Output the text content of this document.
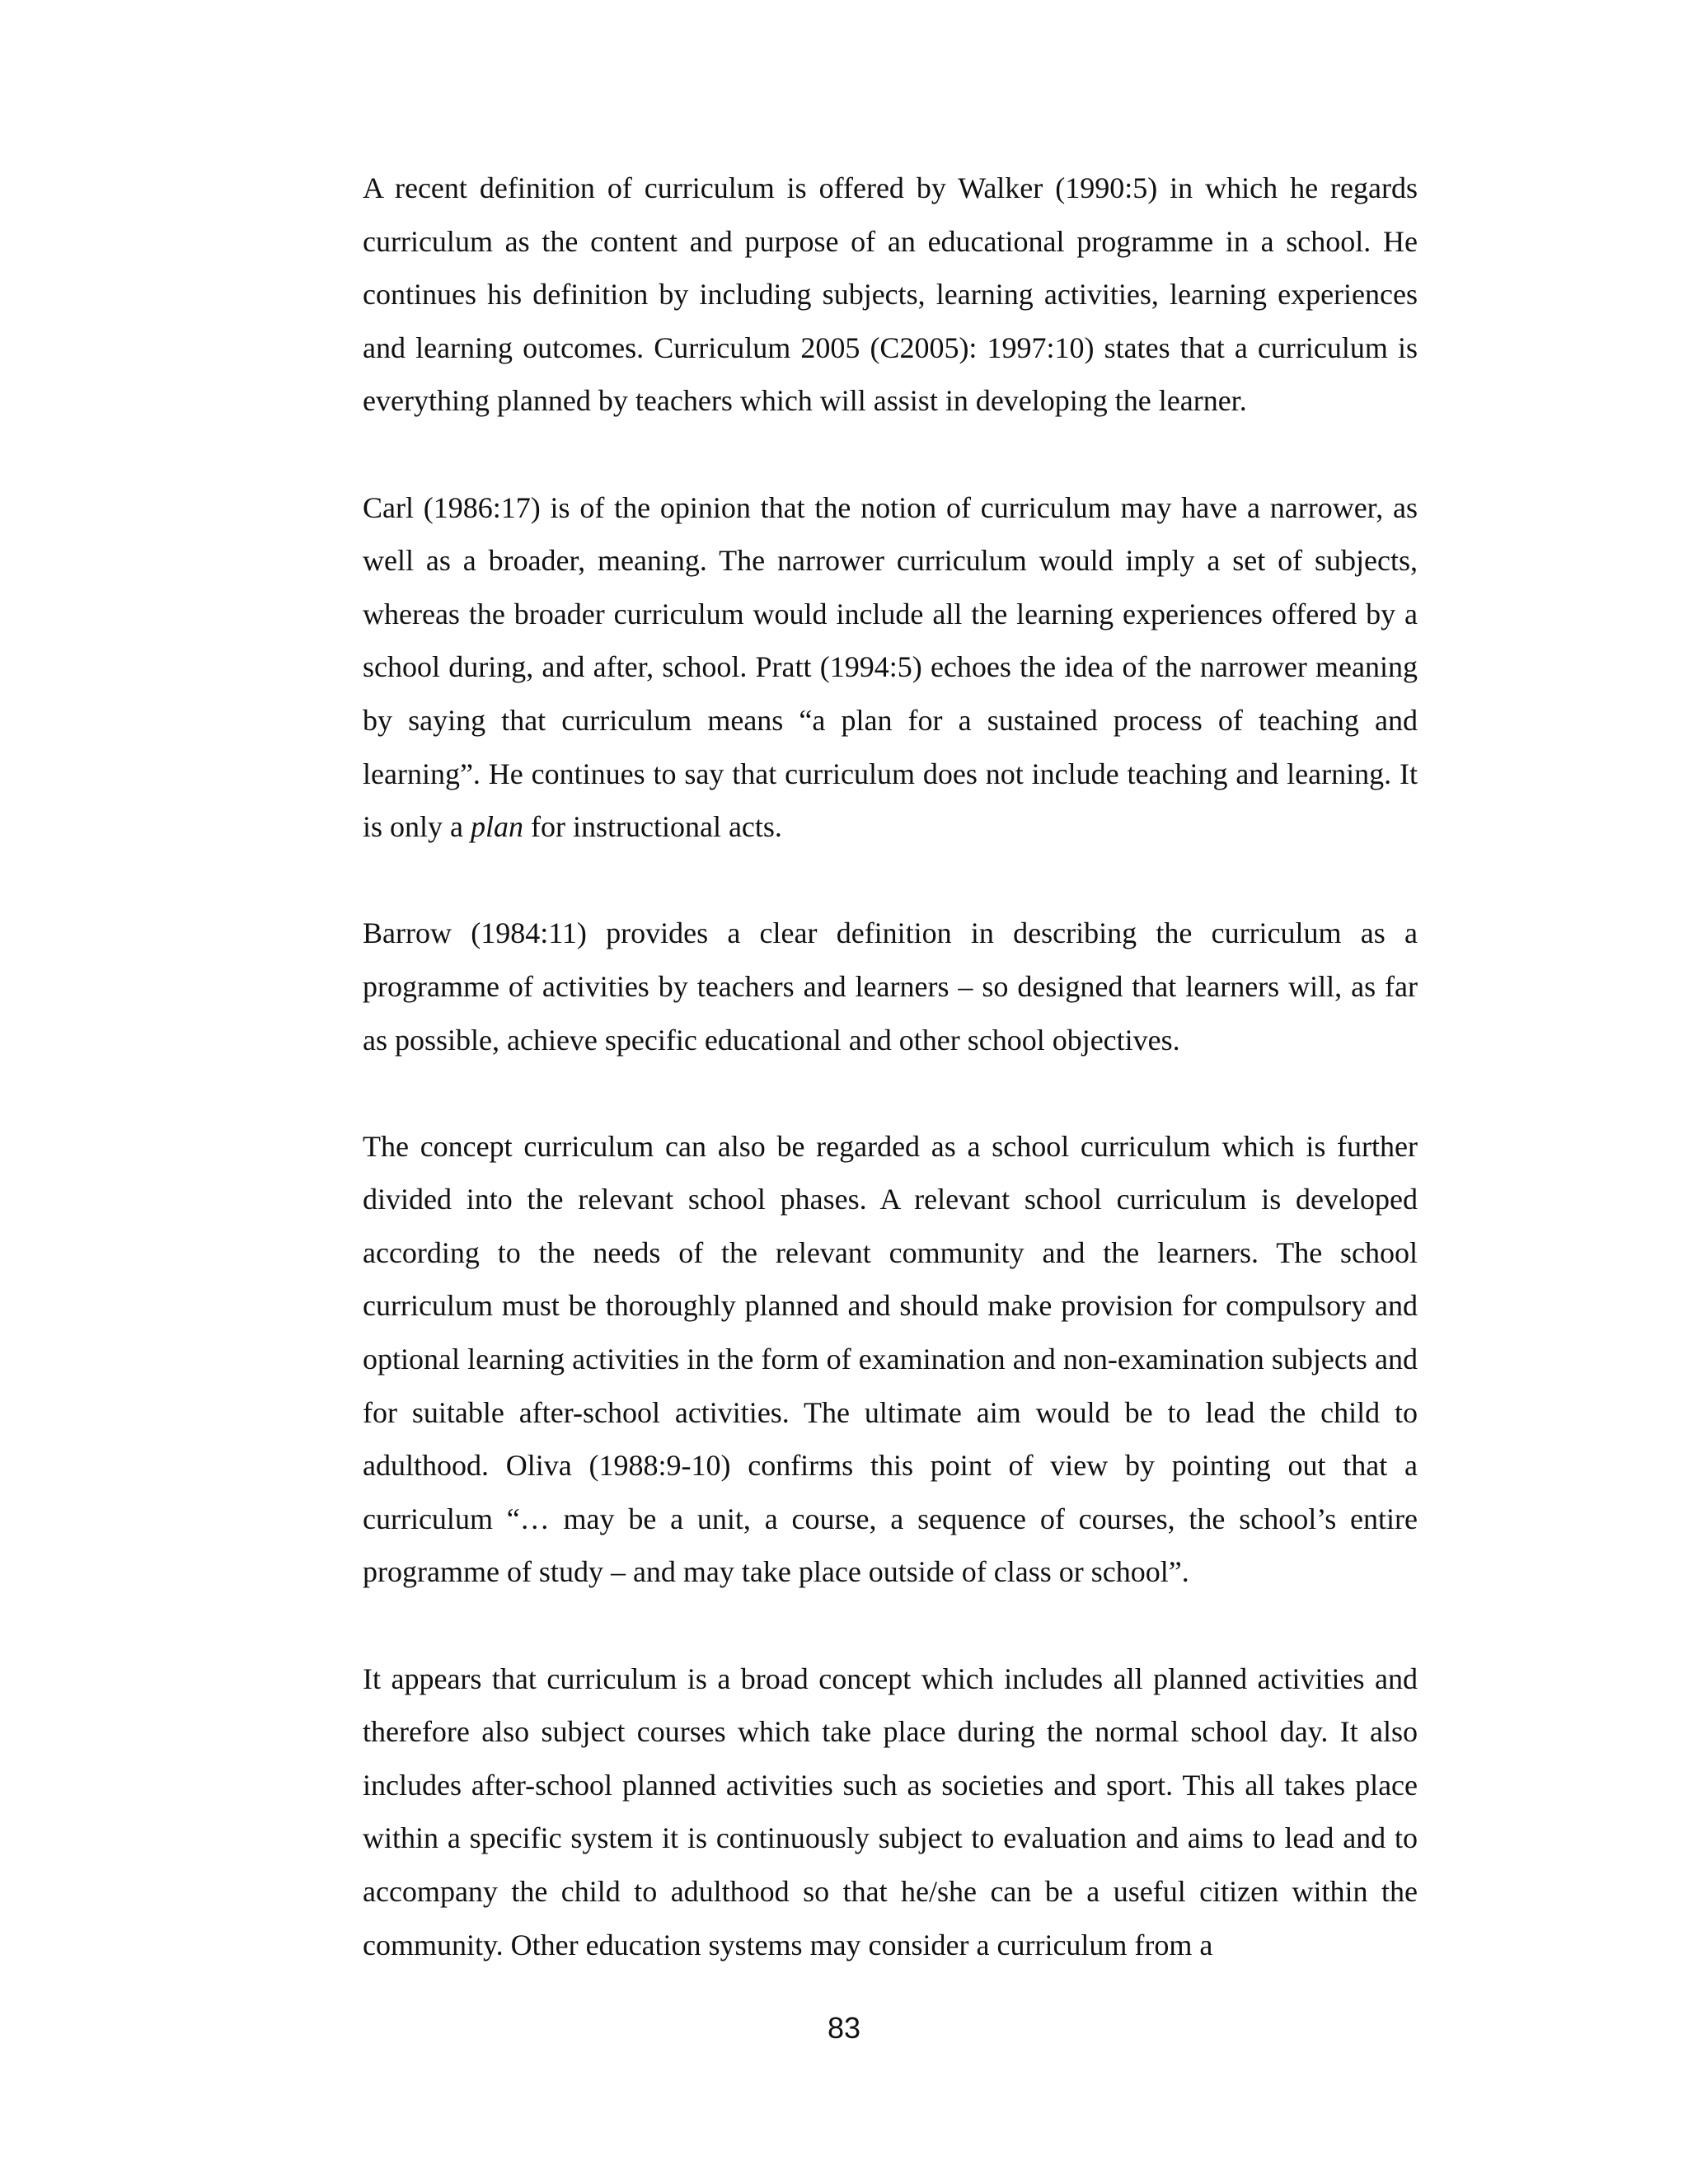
A recent definition of curriculum is offered by Walker (1990:5) in which he regards curriculum as the content and purpose of an educational programme in a school. He continues his definition by including subjects, learning activities, learning experiences and learning outcomes. Curriculum 2005 (C2005): 1997:10) states that a curriculum is everything planned by teachers which will assist in developing the learner.

Carl (1986:17) is of the opinion that the notion of curriculum may have a narrower, as well as a broader, meaning. The narrower curriculum would imply a set of subjects, whereas the broader curriculum would include all the learning experiences offered by a school during, and after, school. Pratt (1994:5) echoes the idea of the narrower meaning by saying that curriculum means “a plan for a sustained process of teaching and learning”. He continues to say that curriculum does not include teaching and learning. It is only a plan for instructional acts.

Barrow (1984:11) provides a clear definition in describing the curriculum as a programme of activities by teachers and learners – so designed that learners will, as far as possible, achieve specific educational and other school objectives.

The concept curriculum can also be regarded as a school curriculum which is further divided into the relevant school phases. A relevant school curriculum is developed according to the needs of the relevant community and the learners. The school curriculum must be thoroughly planned and should make provision for compulsory and optional learning activities in the form of examination and non-examination subjects and for suitable after-school activities. The ultimate aim would be to lead the child to adulthood. Oliva (1988:9-10) confirms this point of view by pointing out that a curriculum “… may be a unit, a course, a sequence of courses, the school’s entire programme of study – and may take place outside of class or school”.

It appears that curriculum is a broad concept which includes all planned activities and therefore also subject courses which take place during the normal school day. It also includes after-school planned activities such as societies and sport. This all takes place within a specific system it is continuously subject to evaluation and aims to lead and to accompany the child to adulthood so that he/she can be a useful citizen within the community. Other education systems may consider a curriculum from a

83
